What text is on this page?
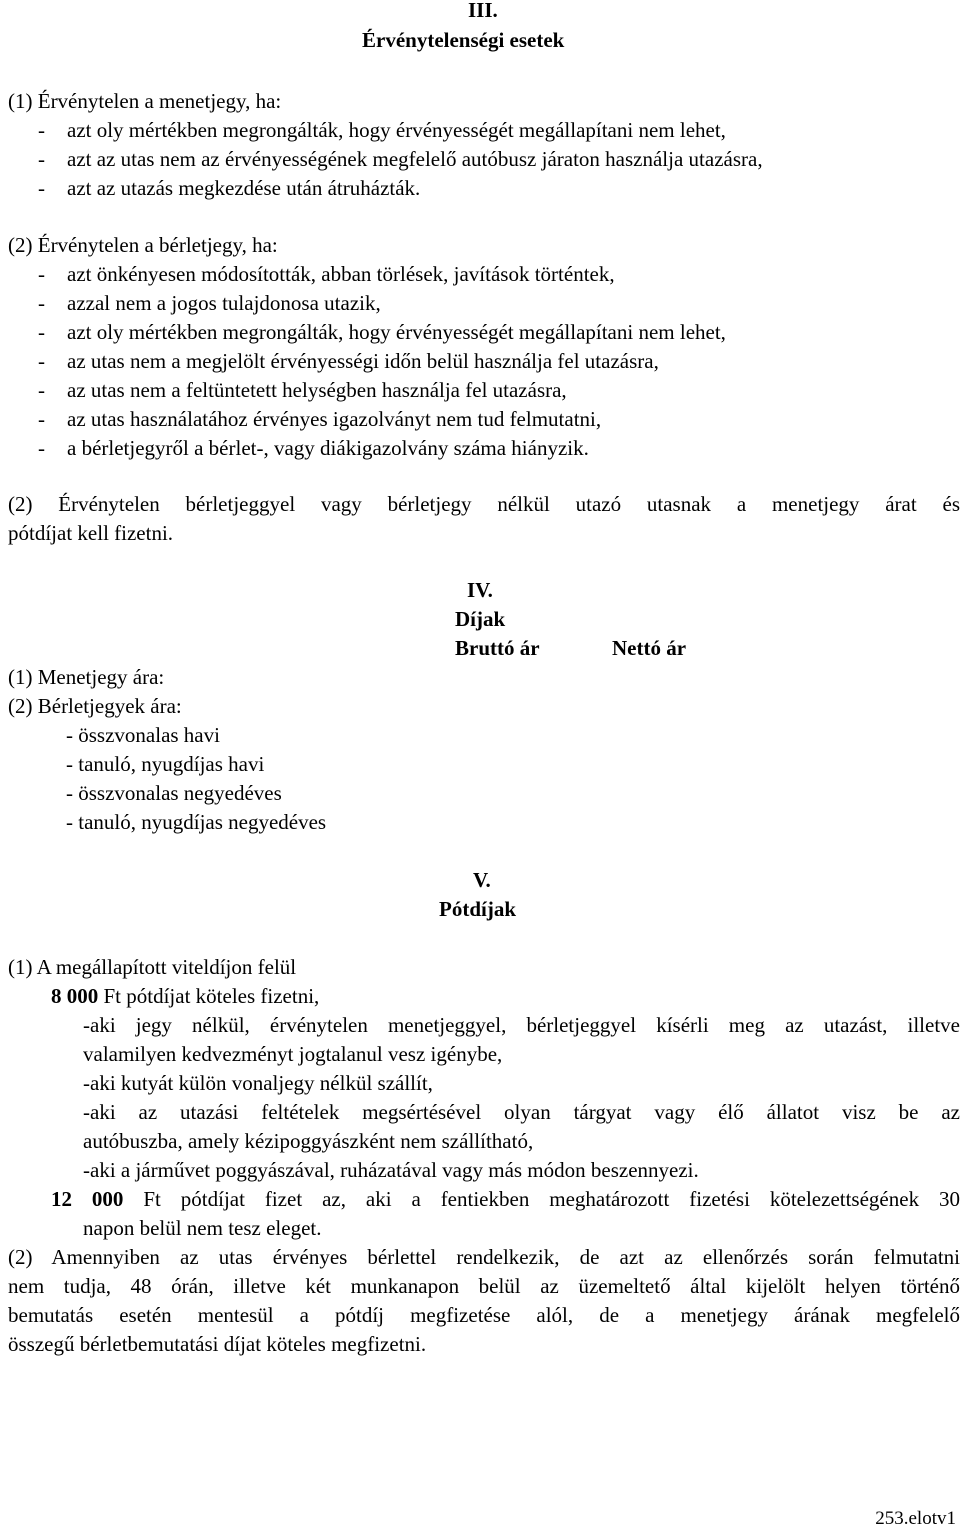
III.
Érvénytelenségi esetek
(1) Érvénytelen a menetjegy, ha:
- azt oly mértékben megrongálták, hogy érvényességét megállapítani nem lehet,
- azt az utas nem az érvényességének megfelelő autóbusz járaton használja utazásra,
- azt az utazás megkezdése után átruházták.
(2) Érvénytelen a bérletjegy, ha:
- azt önkényesen módosították, abban törlések, javítások történtek,
- azzal nem a jogos tulajdonosa utazik,
- azt oly mértékben megrongálták, hogy érvényességét megállapítani nem lehet,
- az utas nem a megjelölt érvényességi időn belül használja fel utazásra,
- az utas nem a feltüntetett helységben használja fel utazásra,
- az utas használatához érvényes igazolványt nem tud felmutatni,
- a bérletjegyről a bérlet-, vagy diákigazolvány száma hiányzik.
(2) Érvénytelen bérletjeggyel vagy bérletjegy nélkül utazó utasnak a menetjegy árat és
pótdíjat kell fizetni.
IV.
Díjak
Bruttó ár	Nettó ár
(1) Menetjegy ára:
(2) Bérletjegyek ára:
- összvonalas havi
- tanuló, nyugdíjas havi
- összvonalas negyedéves
- tanuló, nyugdíjas negyedéves
V.
Pótdíjak
(1) A megállapított viteldíjon felül
8 000 Ft pótdíjat köteles fizetni,
-aki jegy nélkül, érvénytelen menetjeggyel, bérletjeggyel kísérli meg az utazást, illetve
valamilyen kedvezményt jogtalanul vesz igénybe,
-aki kutyát külön vonaljegy nélkül szállít,
-aki az utazási feltételek megsértésével olyan tárgyat vagy élő állatot visz be az
autóbuszba, amely kézipoggyászként nem szállítható,
-aki a járművet poggyászával, ruházatával vagy más módon beszennyezi.
12 000 Ft pótdíjat fizet az, aki a fentiekben meghatározott fizetési kötelezettségének 30
napon belül nem tesz eleget.
(2) Amennyiben az utas érvényes bérlettel rendelkezik, de azt az ellenőrzés során felmutatni
nem tudja, 48 órán, illetve két munkanapon belül az üzemeltető által kijelölt helyen történő
bemutatás esetén mentesül a pótdíj megfizetése alól, de a menetjegy árának megfelelő
összegű bérletbemutatási díjat köteles megfizetni.
253.elotv1
